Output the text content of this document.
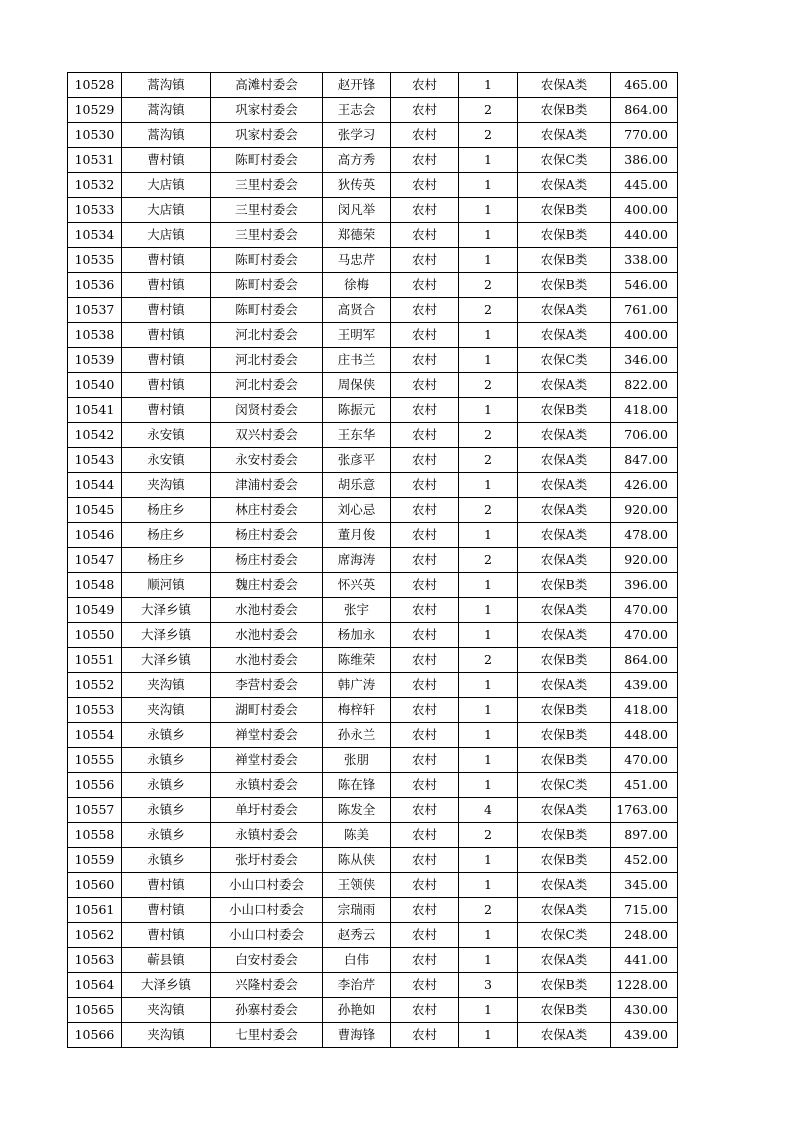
10528	蒿沟镇	高滩村委会	赵开锋	农村	1	农保A类	465.00
10529	蒿沟镇	巩家村委会	王志会	农村	2	农保B类	864.00
10530	蒿沟镇	巩家村委会	张学习	农村	2	农保A类	770.00
10531	曹村镇	陈町村委会	高方秀	农村	1	农保C类	386.00
10532	大店镇	三里村委会	狄传英	农村	1	农保A类	445.00
10533	大店镇	三里村委会	闵凡举	农村	1	农保B类	400.00
10534	大店镇	三里村委会	郑德荣	农村	1	农保B类	440.00
10535	曹村镇	陈町村委会	马忠芹	农村	1	农保B类	338.00
10536	曹村镇	陈町村委会	徐梅	农村	2	农保B类	546.00
10537	曹村镇	陈町村委会	高贤合	农村	2	农保A类	761.00
10538	曹村镇	河北村委会	王明军	农村	1	农保A类	400.00
10539	曹村镇	河北村委会	庄书兰	农村	1	农保C类	346.00
10540	曹村镇	河北村委会	周保侠	农村	2	农保A类	822.00
10541	曹村镇	闵贤村委会	陈振元	农村	1	农保B类	418.00
10542	永安镇	双兴村委会	王东华	农村	2	农保A类	706.00
10543	永安镇	永安村委会	张彦平	农村	2	农保A类	847.00
10544	夹沟镇	津浦村委会	胡乐意	农村	1	农保A类	426.00
10545	杨庄乡	林庄村委会	刘心忌	农村	2	农保A类	920.00
10546	杨庄乡	杨庄村委会	董月俊	农村	1	农保A类	478.00
10547	杨庄乡	杨庄村委会	席海涛	农村	2	农保A类	920.00
10548	顺河镇	魏庄村委会	怀兴英	农村	1	农保B类	396.00
10549	大泽乡镇	水池村委会	张宇	农村	1	农保A类	470.00
10550	大泽乡镇	水池村委会	杨加永	农村	1	农保A类	470.00
10551	大泽乡镇	水池村委会	陈维荣	农村	2	农保B类	864.00
10552	夹沟镇	李营村委会	韩广涛	农村	1	农保A类	439.00
10553	夹沟镇	湖町村委会	梅梓轩	农村	1	农保B类	418.00
10554	永镇乡	禅堂村委会	孙永兰	农村	1	农保B类	448.00
10555	永镇乡	禅堂村委会	张朋	农村	1	农保B类	470.00
10556	永镇乡	永镇村委会	陈在锋	农村	1	农保C类	451.00
10557	永镇乡	单圩村委会	陈发全	农村	4	农保A类	1763.00
10558	永镇乡	永镇村委会	陈美	农村	2	农保B类	897.00
10559	永镇乡	张圩村委会	陈从侠	农村	1	农保B类	452.00
10560	曹村镇	小山口村委会	王领侠	农村	1	农保A类	345.00
10561	曹村镇	小山口村委会	宗瑞雨	农村	2	农保A类	715.00
10562	曹村镇	小山口村委会	赵秀云	农村	1	农保C类	248.00
10563	蕲县镇	白安村委会	白伟	农村	1	农保A类	441.00
10564	大泽乡镇	兴隆村委会	李治芹	农村	3	农保B类	1228.00
10565	夹沟镇	孙寨村委会	孙艳如	农村	1	农保B类	430.00
10566	夹沟镇	七里村委会	曹海锋	农村	1	农保A类	439.00
